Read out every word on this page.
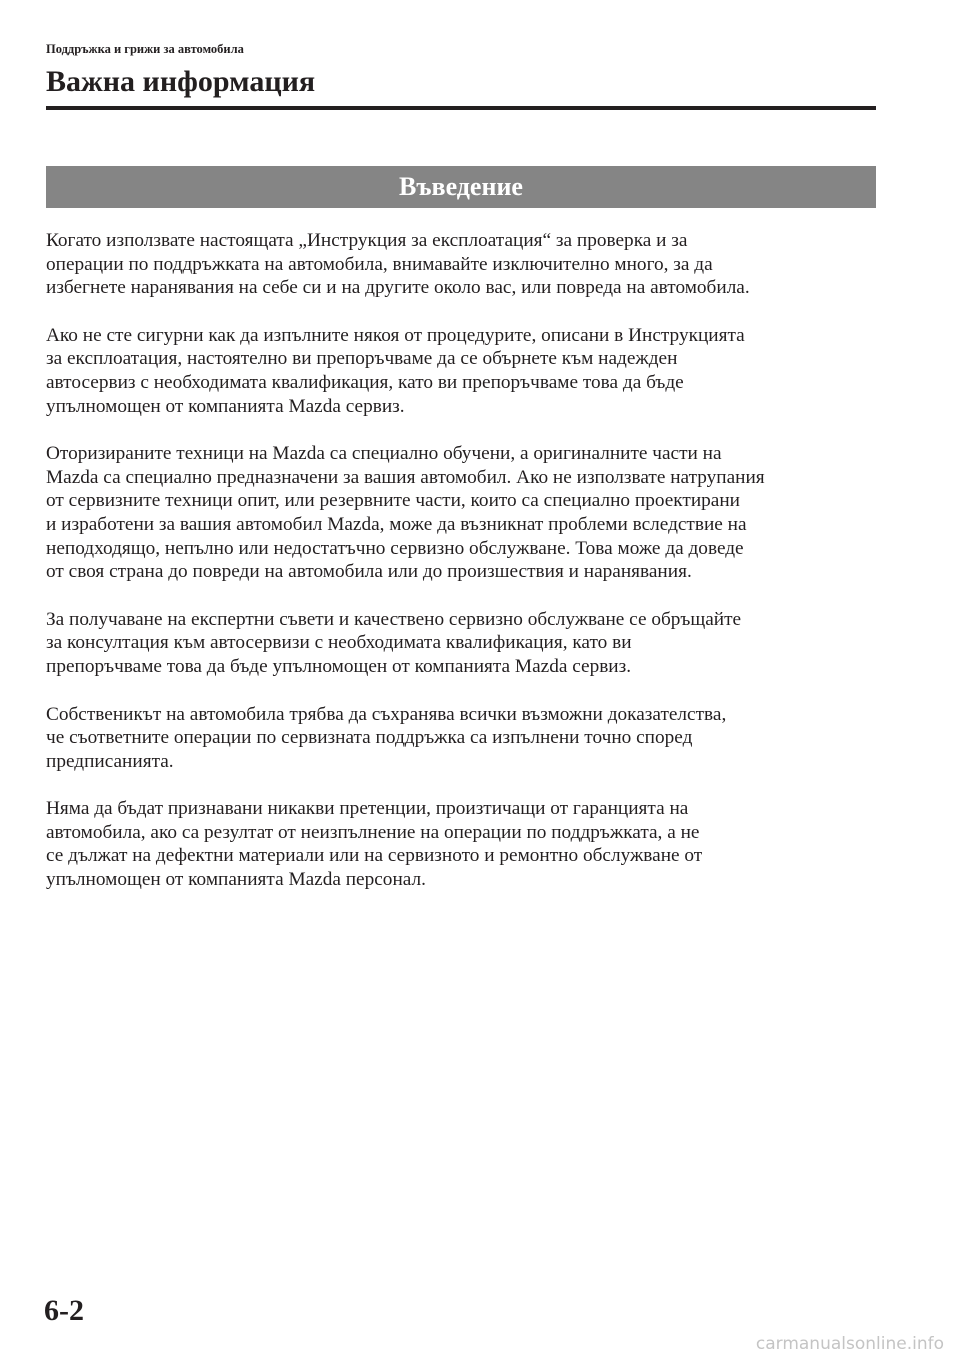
Поддръжка и грижи за автомобила
Важна информация
Въведение

Когато използвате настоящата „Инструкция за експлоатация“ за проверка и за
операции по поддръжката на автомобила, внимавайте изключително много, за да
избегнете наранявания на себе си и на другите около вас, или повреда на автомобила.

Ако не сте сигурни как да изпълните някоя от процедурите, описани в Инструкцията
за експлоатация, настоятелно ви препоръчваме да се обърнете към надежден
автосервиз с необходимата квалификация, като ви препоръчваме това да бъде
упълномощен от компанията Mazda сервиз.

Оторизираните техници на Mazda са специално обучени, а оригиналните части на
Mazda са специално предназначени за вашия автомобил. Ако не използвате натрупания
от сервизните техници опит, или резервните части, които са специално проектирани
и изработени за вашия автомобил Mazda, може да възникнат проблеми вследствие на
неподходящо, непълно или недостатъчно сервизно обслужване. Това може да доведе
от своя страна до повреди на автомобила или до произшествия и наранявания.

За получаване на експертни съвети и качествено сервизно обслужване се обръщайте
за консултация към автосервизи с необходимата квалификация, като ви
препоръчваме това да бъде упълномощен от компанията Mazda сервиз.

Собственикът на автомобила трябва да съхранява всички възможни доказателства,
че съответните операции по сервизната поддръжка са изпълнени точно според
предписанията.

Няма да бъдат признавани никакви претенции, произтичащи от гаранцията на
автомобила, ако са резултат от неизпълнение на операции по поддръжката, а не
се дължат на дефектни материали или на сервизното и ремонтно обслужване от
упълномощен от компанията Mazda персонал.

6-2
carmanualsonline.info
